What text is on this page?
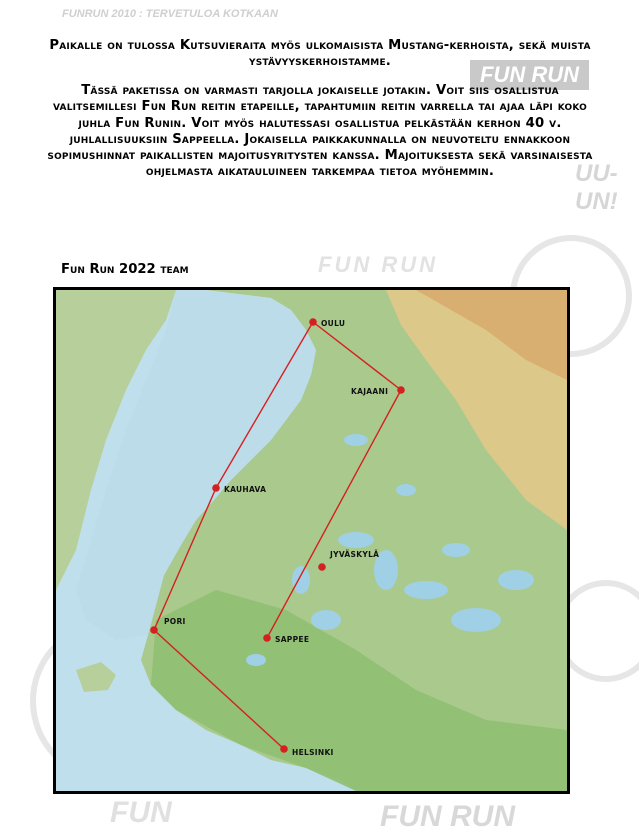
FUNRUN 2010 : TERVETULOA KOTKAAN
FUN RUN
UU-
UN!
FUN RUN
FUN RUN
FUN
Paikalle on tulossa Kutsuvieraita myös ulkomaisista Mustang-kerhoista, sekä muista ystävyyskerhoistamme.
Tässä paketissa on varmasti tarjolla jokaiselle jotakin. Voit siis osallistua valitsemillesi Fun Run reitin etapeille, tapahtumiin reitin varrella tai ajaa läpi koko juhla Fun Runin. Voit myös halutessasi osallistua pelkästään kerhon 40 v. juhlallisuuksiin Sappeella. Jokaisella paikkakunnalla on neuvoteltu ennakkoon sopimushinnat paikallisten majoitusyritysten kanssa. Majoituksesta sekä varsinaisesta ohjelmasta aikatauluineen tarkempaa tietoa myöhemmin.
Fun Run 2022 team
OULU
KAJAANI
KAUHAVA
JYVÄSKYLÄ
PORI
SAPPEE
HELSINKI
